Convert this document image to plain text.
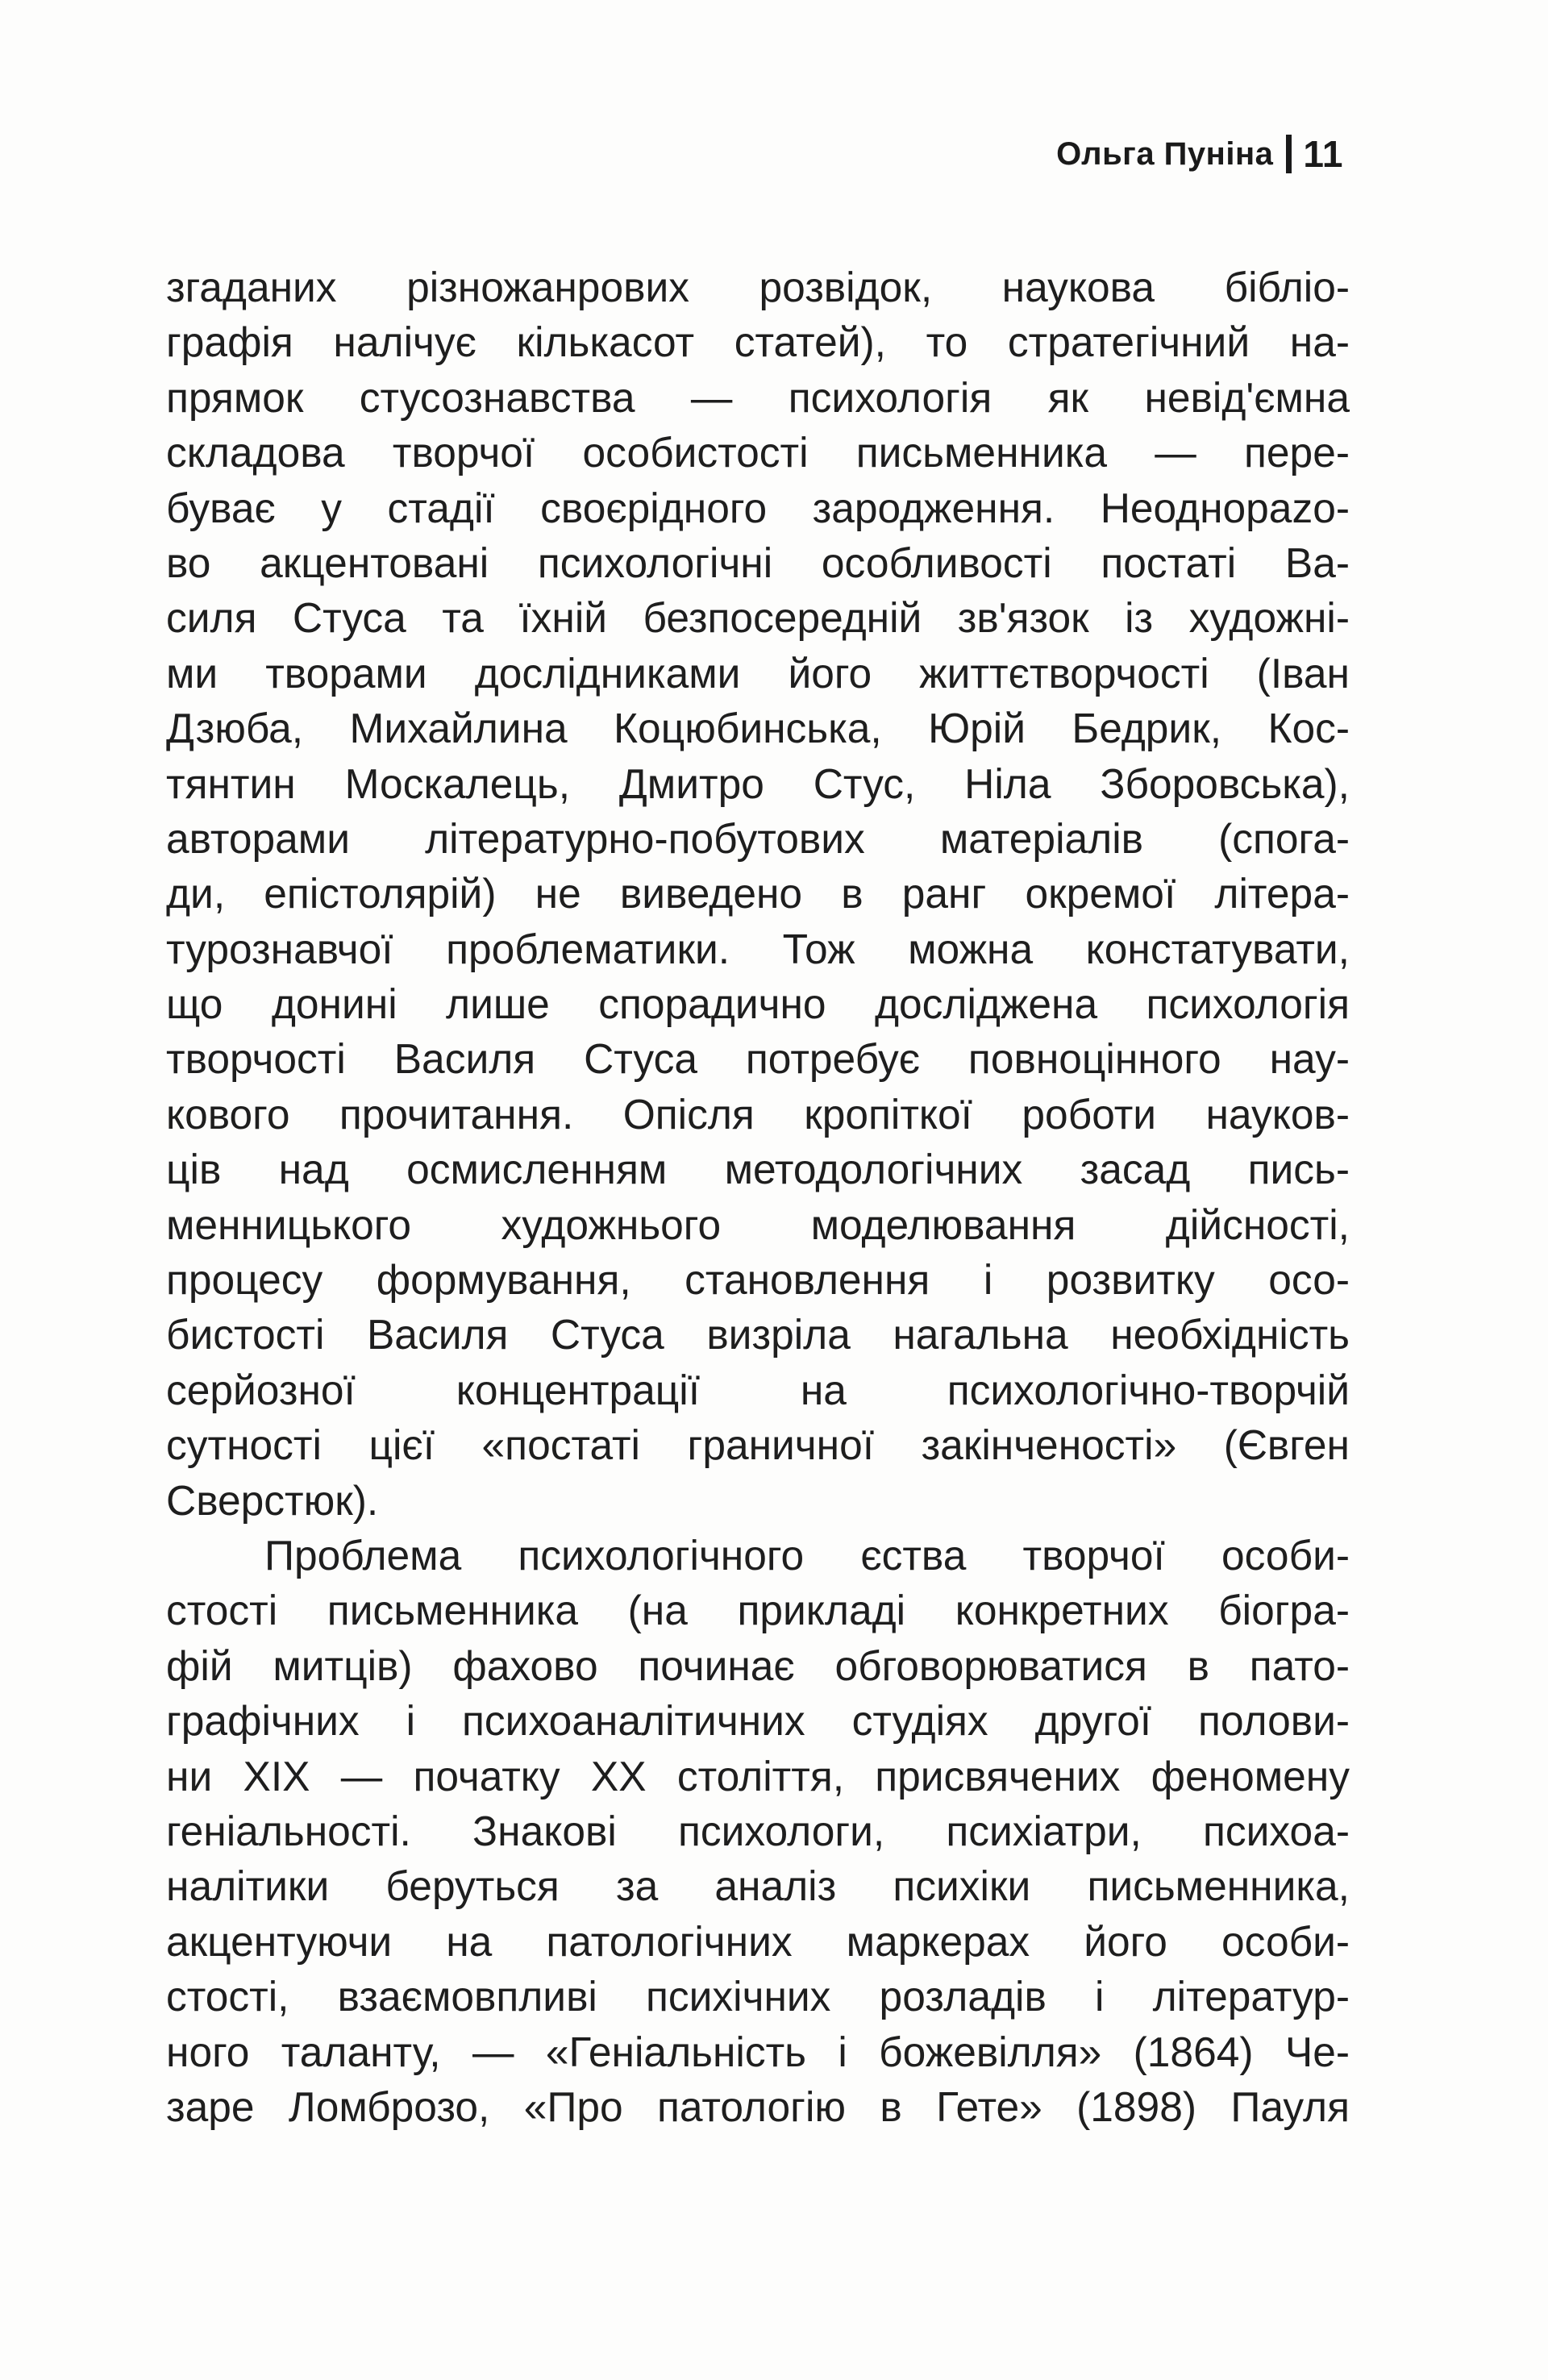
Ольга Пуніна 11
згаданих різножанрових розвідок, наукова бібліо-
графія налічує кількасот статей), то стратегічний на-
прямок стусознавства — психологія як невід'ємна
складова творчої особистості письменника — пере-
буває у стадії своєрідного зародження. Неоднорazo-
во акцентовані психологічні особливості постаті Ва-
силя Стуса та їхній безпосередній зв'язок із художні-
ми творами дослідниками його життєтворчості (Іван
Дзюба, Михайлина Коцюбинська, Юрій Бедрик, Кос-
тянтин Москалець, Дмитро Стус, Ніла Зборовська),
авторами літературно-побутових матеріалів (спога-
ди, епістолярій) не виведено в ранг окремої літера-
турознавчої проблематики. Тож можна констатувати,
що донині лише спорадично досліджена психологія
творчості Василя Стуса потребує повноцінного нау-
кового прочитання. Опісля кропіткої роботи науков-
ців над осмисленням методологічних засад пись-
менницького художнього моделювання дійсності,
процесу формування, становлення і розвитку осо-
бистості Василя Стуса визріла нагальна необхідність
серйозної концентрації на психологічно-творчій
сутності цієї «постаті граничної закінченості» (Євген
Сверстюк).
Проблема психологічного єства творчої особи-
стості письменника (на прикладі конкретних біогра-
фій митців) фахово починає обговорюватися в пато-
графічних і психоаналітичних студіях другої полови-
ни XIX — початку XX століття, присвячених феномену
геніальності. Знакові психологи, психіатри, психоа-
налітики беруться за аналіз психіки письменника,
акцентуючи на патологічних маркерах його особи-
стості, взаємовпливі психічних розладів і літератур-
ного таланту, — «Геніальність і божевілля» (1864) Че-
заре Ломброзо, «Про патологію в Гете» (1898) Пауля
